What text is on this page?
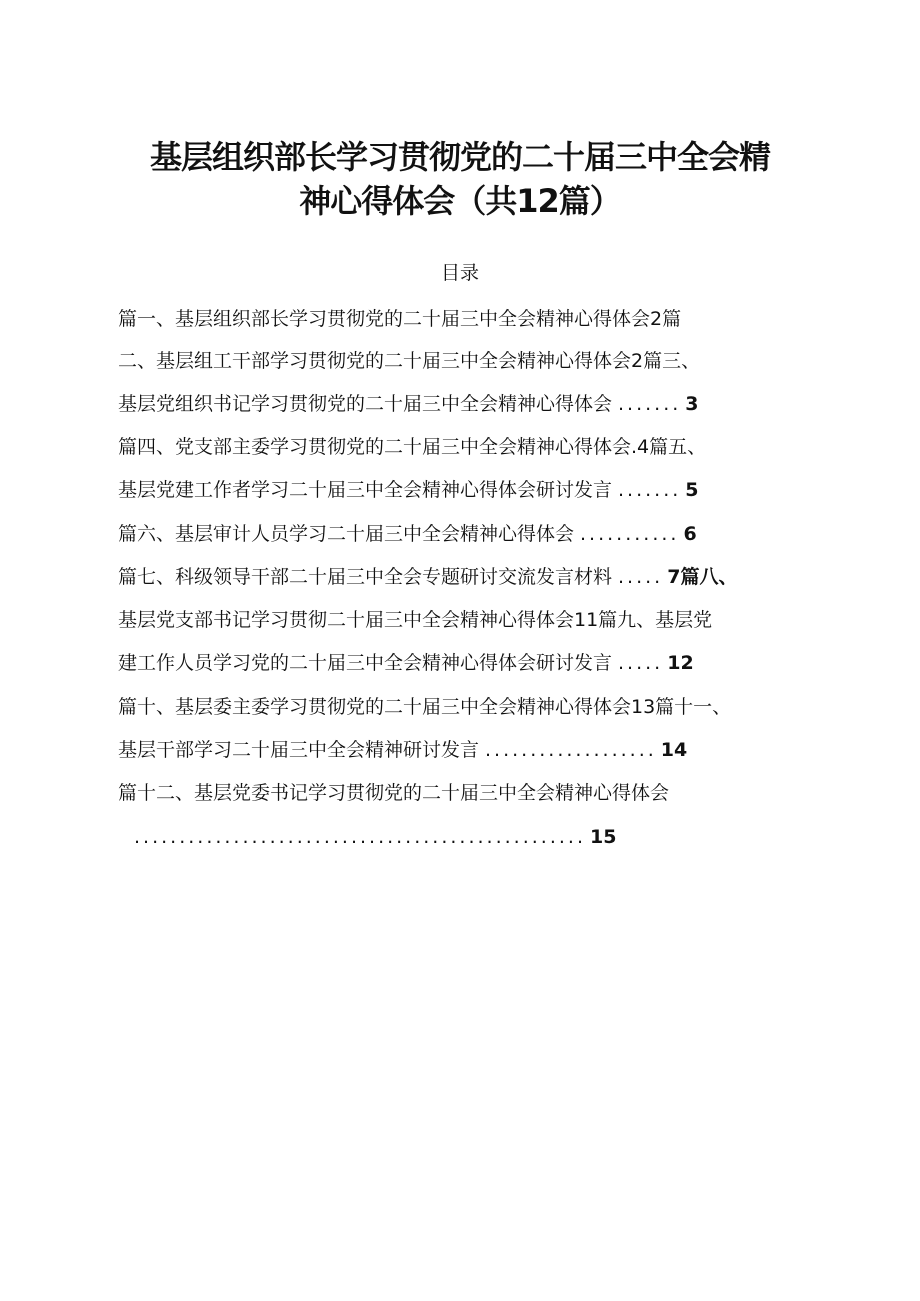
基层组织部长学习贯彻党的二十届三中全会精
神心得体会（共12篇）
目录
篇一、基层组织部长学习贯彻党的二十届三中全会精神心得体会2篇
二、基层组工干部学习贯彻党的二十届三中全会精神心得体会2篇三、
基层党组织书记学习贯彻党的二十届三中全会精神心得体会 ....... 3
篇四、党支部主委学习贯彻党的二十届三中全会精神心得体会.4篇五、
基层党建工作者学习二十届三中全会精神心得体会研讨发言 ....... 5
篇六、基层审计人员学习二十届三中全会精神心得体会 ........... 6
篇七、科级领导干部二十届三中全会专题研讨交流发言材料 ..... 7篇八、
基层党支部书记学习贯彻二十届三中全会精神心得体会11篇九、基层党
建工作人员学习党的二十届三中全会精神心得体会研讨发言 ..... 12
篇十、基层委主委学习贯彻党的二十届三中全会精神心得体会13篇十一、
基层干部学习二十届三中全会精神研讨发言 ................... 14
篇十二、基层党委书记学习贯彻党的二十届三中全会精神心得体会
.................................................. 15
